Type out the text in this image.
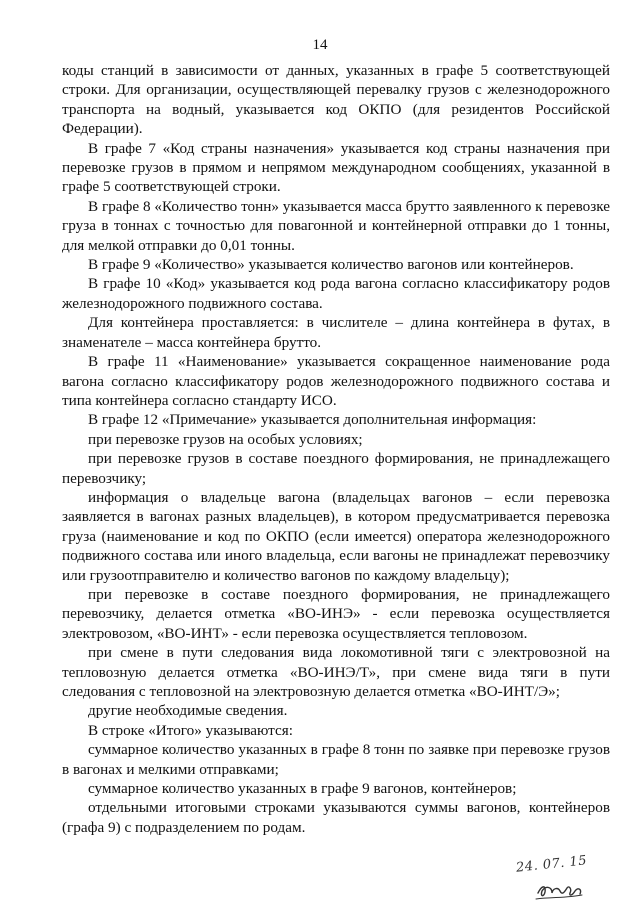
14

коды станций в зависимости от данных, указанных в графе 5 соответствующей строки. Для организации, осуществляющей перевалку грузов с железнодорожного транспорта на водный, указывается код ОКПО (для резидентов Российской Федерации).

В графе 7 «Код страны назначения» указывается код страны назначения при перевозке грузов в прямом и непрямом международном сообщениях, указанной в графе 5 соответствующей строки.

В графе 8 «Количество тонн» указывается масса брутто заявленного к перевозке груза в тоннах с точностью для повагонной и контейнерной отправки до 1 тонны, для мелкой отправки до 0,01 тонны.

В графе 9 «Количество» указывается количество вагонов или контейнеров.

В графе 10 «Код» указывается код рода вагона согласно классификатору родов железнодорожного подвижного состава.

Для контейнера проставляется: в числителе – длина контейнера в футах, в знаменателе – масса контейнера брутто.

В графе 11 «Наименование» указывается сокращенное наименование рода вагона согласно классификатору родов железнодорожного подвижного состава и типа контейнера согласно стандарту ИСО.

В графе 12 «Примечание» указывается дополнительная информация:

при перевозке грузов на особых условиях;

при перевозке грузов в составе поездного формирования, не принадлежащего перевозчику;

информация о владельце вагона (владельцах вагонов – если перевозка заявляется в вагонах разных владельцев), в котором предусматривается перевозка груза (наименование и код по ОКПО (если имеется) оператора железнодорожного подвижного состава или иного владельца, если вагоны не принадлежат перевозчику или грузоотправителю и количество вагонов по каждому владельцу);

при перевозке в составе поездного формирования, не принадлежащего перевозчику, делается отметка «ВО-ИНЭ» - если перевозка осуществляется электровозом, «ВО-ИНТ» - если перевозка осуществляется тепловозом.

при смене в пути следования вида локомотивной тяги с электровозной на тепловозную делается отметка «ВО-ИНЭ/Т», при смене вида тяги в пути следования с тепловозной на электровозную делается отметка «ВО-ИНТ/Э»;

другие необходимые сведения.

В строке «Итого» указываются:

суммарное количество указанных в графе 8 тонн по заявке при перевозке грузов в вагонах и мелкими отправками;

суммарное количество указанных в графе 9 вагонов, контейнеров;

отдельными итоговыми строками указываются суммы вагонов, контейнеров (графа 9) с подразделением по родам.

24. 07. 15
